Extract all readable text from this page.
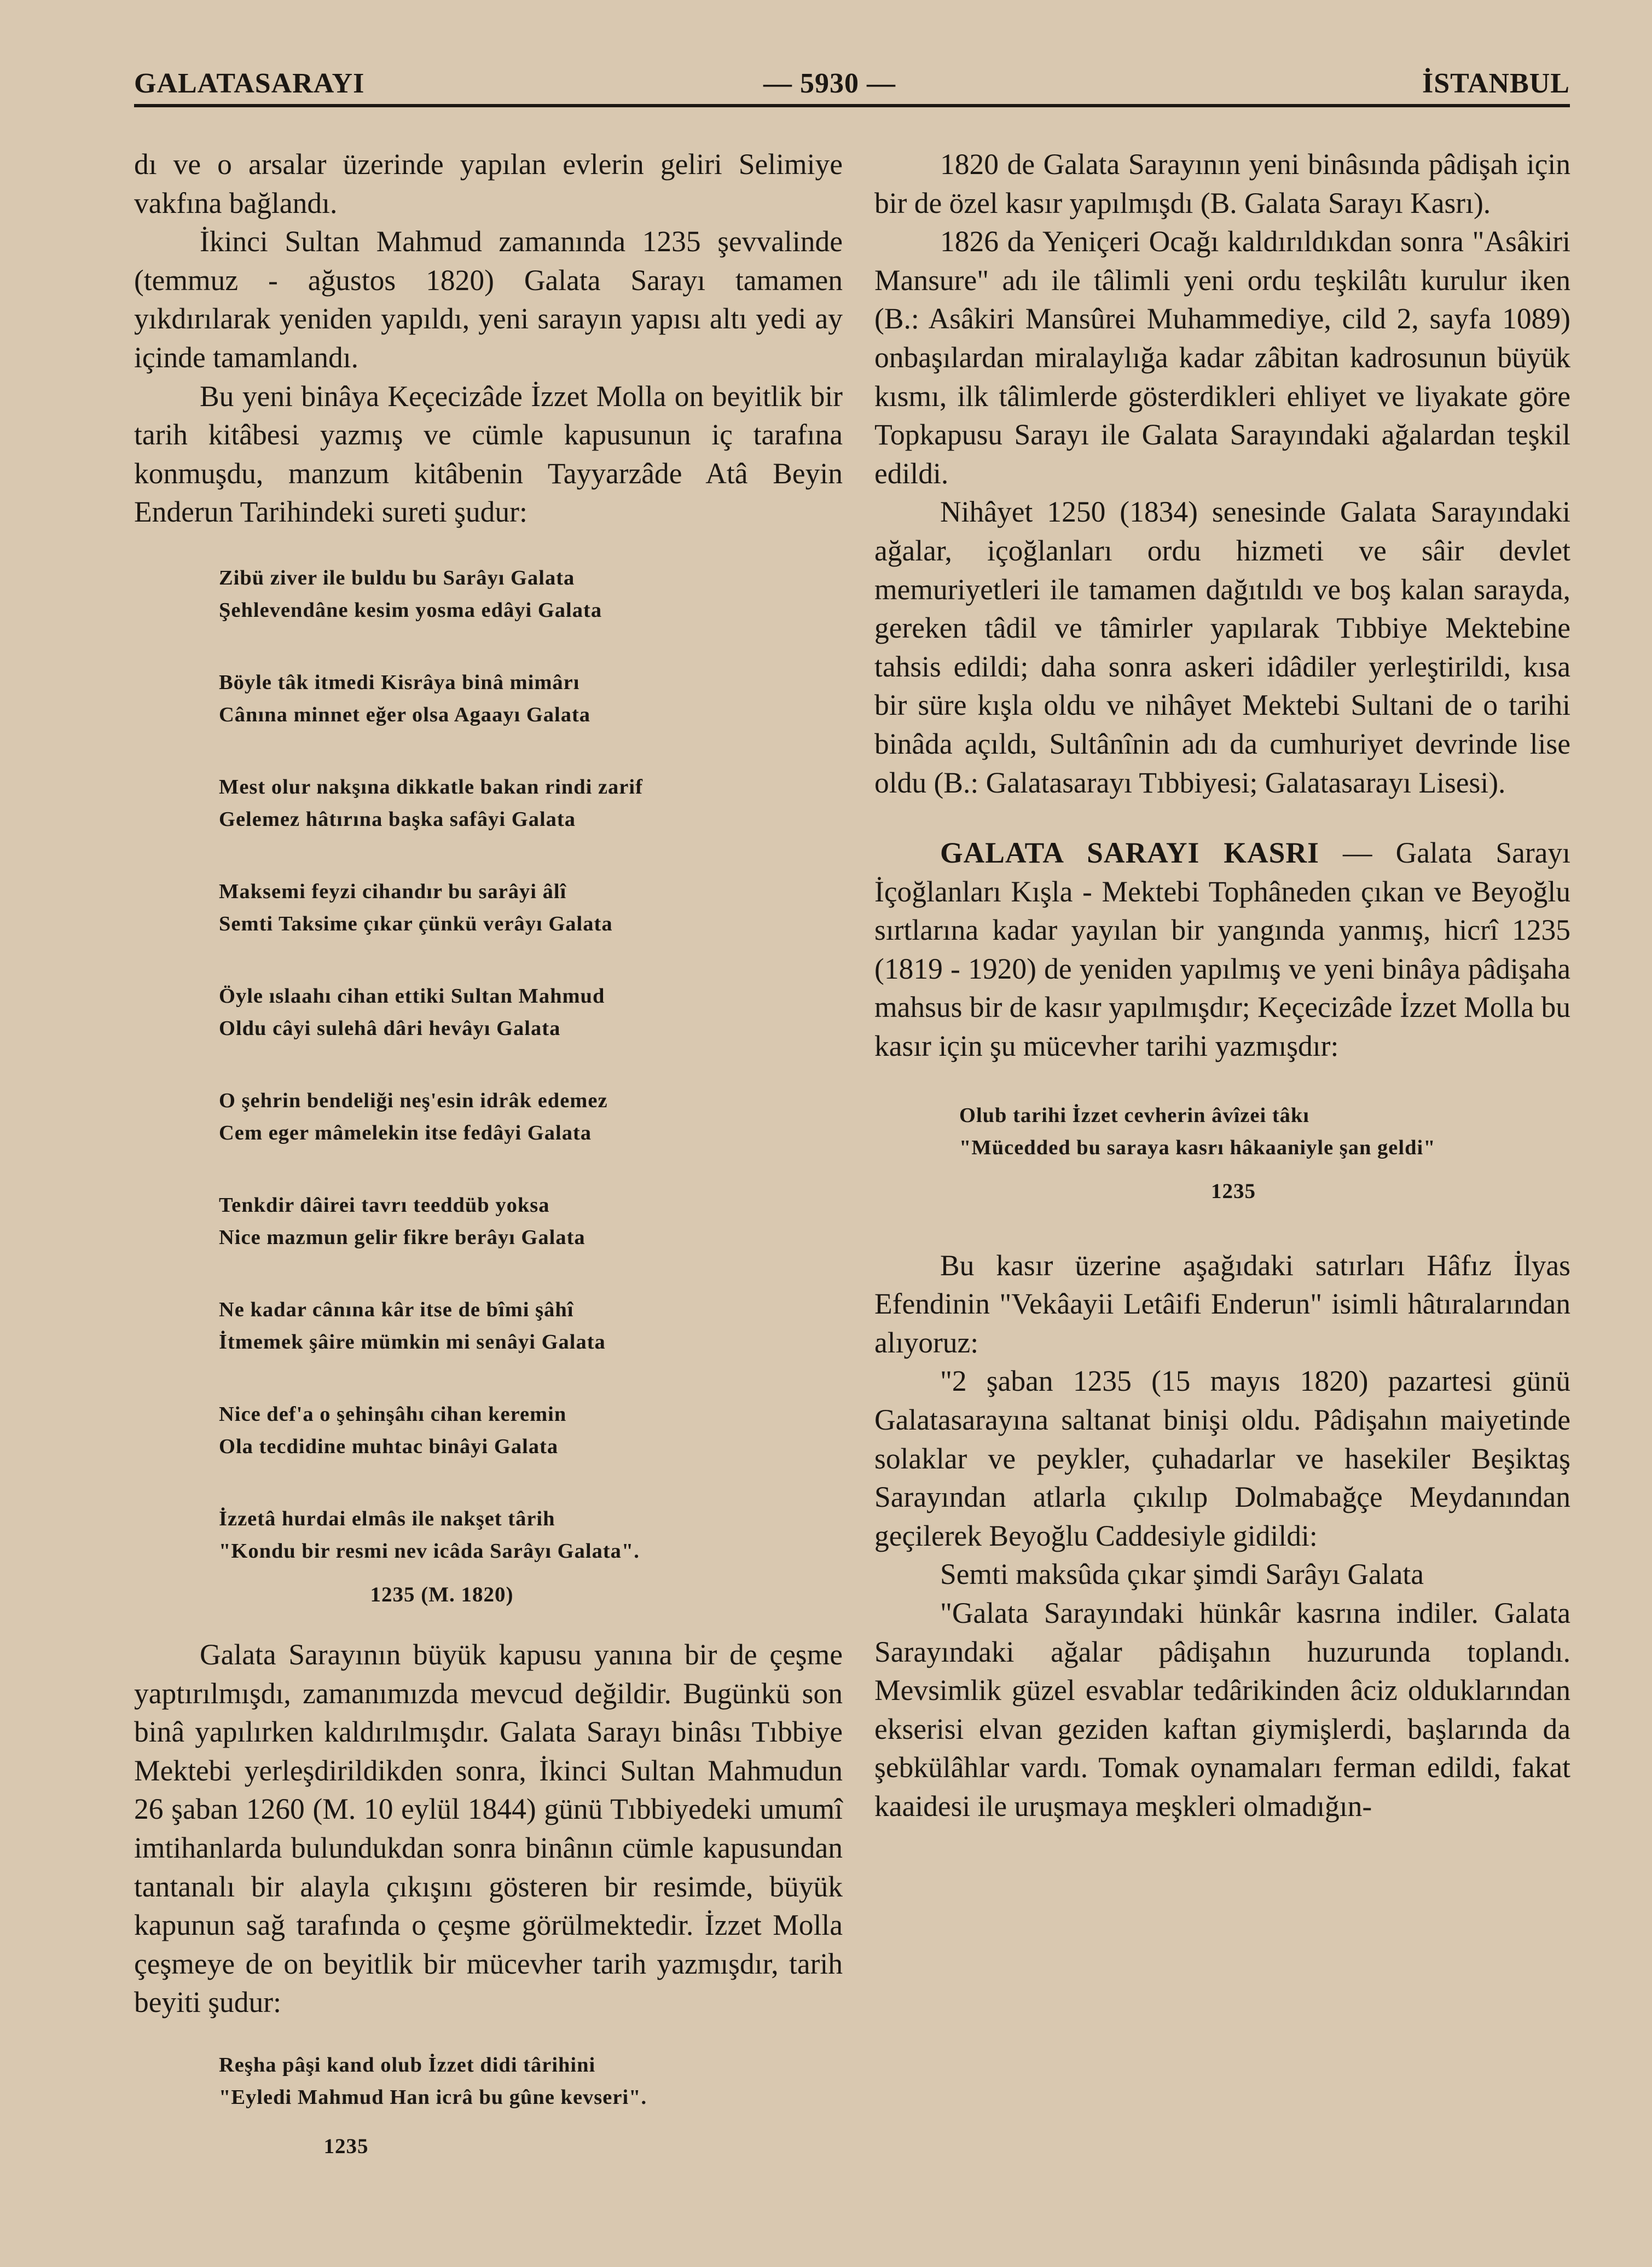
GALATASARAYI	— 5930 —	İSTANBUL

dı ve o arsalar üzerinde yapılan evlerin geliri Selimiye vakfına bağlandı.

İkinci Sultan Mahmud zamanında 1235 şevvalinde (temmuz - ağustos 1820) Galata Sarayı tamamen yıkdırılarak yeniden yapıldı, yeni sarayın yapısı altı yedi ay içinde tamamlandı.

Bu yeni binâya Keçecizâde İzzet Molla on beyitlik bir tarih kitâbesi yazmış ve cümle kapusunun iç tarafına konmuşdu, manzum kitâbenin Tayyarzâde Atâ Beyin Enderun Tarihindeki sureti şudur:

Zibü ziver ile buldu bu Sarâyı Galata
Şehlevendâne kesim yosma edâyi Galata
Böyle tâk itmedi Kisrâya binâ mimârı
Cânına minnet eğer olsa Agaayı Galata
Mest olur nakşına dikkatle bakan rindi zarif
Gelemez hâtırına başka safâyi Galata
Maksemi feyzi cihandır bu sarâyi âlî
Semti Taksime çıkar çünkü verâyı Galata
Öyle ıslaahı cihan ettiki Sultan Mahmud
Oldu câyi sulehâ dâri hevâyı Galata
O şehrin bendeliği neş'esin idrâk edemez
Cem eger mâmelekin itse fedâyi Galata
Tenkdir dâirei tavrı teeddüb yoksa
Nice mazmun gelir fikre berâyı Galata
Ne kadar cânına kâr itse de bîmi şâhî
İtmemek şâire mümkin mi senâyi Galata
Nice def'a o şehinşâhı cihan keremin
Ola tecdidine muhtac binâyi Galata
İzzetâ hurdai elmâs ile nakşet târih
"Kondu bir resmi nev icâda Sarâyı Galata".
1235 (M. 1820)

Galata Sarayının büyük kapusu yanına bir de çeşme yaptırılmışdı, zamanımızda mevcud değildir. Bugünkü son binâ yapılırken kaldırılmışdır. Galata Sarayı binâsı Tıbbiye Mektebi yerleşdirildikden sonra, İkinci Sultan Mahmudun 26 şaban 1260 (M. 10 eylül 1844) günü Tıbbiyedeki umumî imtihanlarda bulundukdan sonra binânın cümle kapusundan tantanalı bir alayla çıkışını gösteren bir resimde, büyük kapunun sağ tarafında o çeşme görülmektedir. İzzet Molla çeşmeye de on beyitlik bir mücevher tarih yazmışdır, tarih beyiti şudur:

Reşha pâşi kand olub İzzet didi târihini
"Eyledi Mahmud Han icrâ bu gûne kevseri".
1235

1820 de Galata Sarayının yeni binâsında pâdişah için bir de özel kasır yapılmışdı (B. Galata Sarayı Kasrı).

1826 da Yeniçeri Ocağı kaldırıldıkdan sonra "Asâkiri Mansure" adı ile tâlimli yeni ordu teşkilâtı kurulur iken (B.: Asâkiri Mansûrei Muhammediye, cild 2, sayfa 1089) onbaşılardan miralaylığa kadar zâbitan kadrosunun büyük kısmı, ilk tâlimlerde gösterdikleri ehliyet ve liyakate göre Topkapusu Sarayı ile Galata Sarayındaki ağalardan teşkil edildi.

Nihâyet 1250 (1834) senesinde Galata Sarayındaki ağalar, içoğlanları ordu hizmeti ve sâir devlet memuriyetleri ile tamamen dağıtıldı ve boş kalan sarayda, gereken tâdil ve tâmirler yapılarak Tıbbiye Mektebine tahsis edildi; daha sonra askeri idâdiler yerleştirildi, kısa bir süre kışla oldu ve nihâyet Mektebi Sultani de o tarihi binâda açıldı, Sultânînin adı da cumhuriyet devrinde lise oldu (B.: Galatasarayı Tıbbiyesi; Galatasarayı Lisesi).

GALATA SARAYI KASRI — Galata Sarayı İçoğlanları Kışla - Mektebi Tophâneden çıkan ve Beyoğlu sırtlarına kadar yayılan bir yangında yanmış, hicrî 1235 (1819 - 1920) de yeniden yapılmış ve yeni binâya pâdişaha mahsus bir de kasır yapılmışdır; Keçecizâde İzzet Molla bu kasır için şu mücevher tarihi yazmışdır:

Olub tarihi İzzet cevherin âvîzei tâkı
"Mücedded bu saraya kasrı hâkaaniyle şan geldi"
1235

Bu kasır üzerine aşağıdaki satırları Hâfız İlyas Efendinin "Vekâayii Letâifi Enderun" isimli hâtıralarından alıyoruz:

"2 şaban 1235 (15 mayıs 1820) pazartesi günü Galatasarayına saltanat binişi oldu. Pâdişahın maiyetinde solaklar ve peykler, çuhadarlar ve hasekiler Beşiktaş Sarayından atlarla çıkılıp Dolmabağçe Meydanından geçilerek Beyoğlu Caddesiyle gidildi:

Semti maksûda çıkar şimdi Sarâyı Galata

"Galata Sarayındaki hünkâr kasrına indiler. Galata Sarayındaki ağalar pâdişahın huzurunda toplandı. Mevsimlik güzel esvablar tedârikinden âciz olduklarından ekserisi elvan geziden kaftan giymişlerdi, başlarında da şebkülâhlar vardı. Tomak oynamaları ferman edildi, fakat kaaidesi ile uruşmaya meşkleri olmadığın-
